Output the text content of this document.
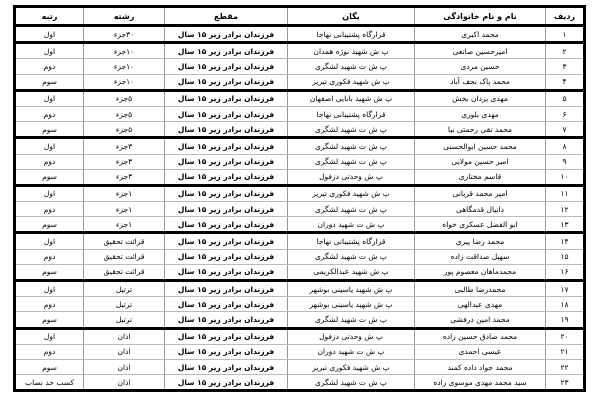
ردیف	نام و نام خانوادگی	یگان	مقطع	رشته	رتبه
۱	محمد اکبری	قرارگاه پشتیبانی نهاجا	فرزندان برادر زیر ۱۵ سال	۳۰جزء	اول
۲	امیرحسین صانعی	پ ش شهید نوژه همدان	فرزندان برادر زیر ۱۵ سال	۱۰جزء	اول
۳	حسین مردی	پ ش ت شهید لشگری	فرزندان برادر زیر ۱۵ سال	۱۰جزء	دوم
۴	محمد پاک نجف آباد	پ ش شهید فکوری تبریز	فرزندان برادر زیر ۱۵ سال	۱۰جزء	سوم
۵	مهدی یزدان بخش	پ ش شهید بابایی اصفهان	فرزندان برادر زیر ۱۵ سال	۵جزء	اول
۶	مهدی بلوری	قرارگاه پشتیبانی نهاجا	فرزندان برادر زیر ۱۵ سال	۵جزء	دوم
۷	محمد تقی رحمتی نیا	پ ش ت شهید لشگری	فرزندان برادر زیر ۱۵ سال	۵جزء	سوم
۸	محمد حسین ابوالحسنی	پ ش ت شهید لشگری	فرزندان برادر زیر ۱۵ سال	۳جزء	اول
۹	امیر حسین مولایی	پ ش ت شهید لشگری	فرزندان برادر زیر ۱۵ سال	۳جزء	دوم
۱۰	قاسم مختاری	پ ش وحدتی دزفول	فرزندان برادر زیر ۱۵ سال	۳جزء	سوم
۱۱	امیر محمد قربانی	پ ش شهید فکوری تبریز	فرزندان برادر زیر ۱۵ سال	۱جزء	اول
۱۲	دانیال قدمگاهی	پ ش ت شهید لشگری	فرزندان برادر زیر ۱۵ سال	۱جزء	دوم
۱۳	ابو الفضل عسکری خواه	پ ش ت شهید دوران	فرزندان برادر زیر ۱۵ سال	۱جزء	سوم
۱۴	محمد رضا پیری	قرارگاه پشتیبانی نهاجا	فرزندان برادر زیر ۱۵ سال	قرائت تحقیق	اول
۱۵	سهیل صداقت زاده	پ ش ت شهید لشگری	فرزندان برادر زیر ۱۵ سال	قرائت تحقیق	دوم
۱۶	محمدماهان معصوم پور	پ ش شهید عبدالکریمی	فرزندان برادر زیر ۱۵ سال	قرائت تحقیق	سوم
۱۷	محمدرضا طالبی	پ ش شهید یاسینی بوشهر	فرزندان برادر زیر ۱۵ سال	ترتیل	اول
۱۸	مهدی عبدالهی	پ ش شهید یاسینی بوشهر	فرزندان برادر زیر ۱۵ سال	ترتیل	دوم
۱۹	محمد امین درفشی	پ ش ت شهید لشگری	فرزندان برادر زیر ۱۵ سال	ترتیل	سوم
۲۰	محمد صادق حسین زاده	پ ش وحدتی دزفول	فرزندان برادر زیر ۱۵ سال	اذان	اول
۲۱	عیسی احمدی	پ ش ت شهید دوران	فرزندان برادر زیر ۱۵ سال	اذان	دوم
۲۲	محمد جواد داده کمند	پ ش شهید فکوری تبریز	فرزندان برادر زیر ۱۵ سال	اذان	سوم
۲۳	سید محمد مهدی موسوی زاده	پ ش ت شهید لشگری	فرزندان برادر زیر ۱۵ سال	اذان	کسب حد نصاب
